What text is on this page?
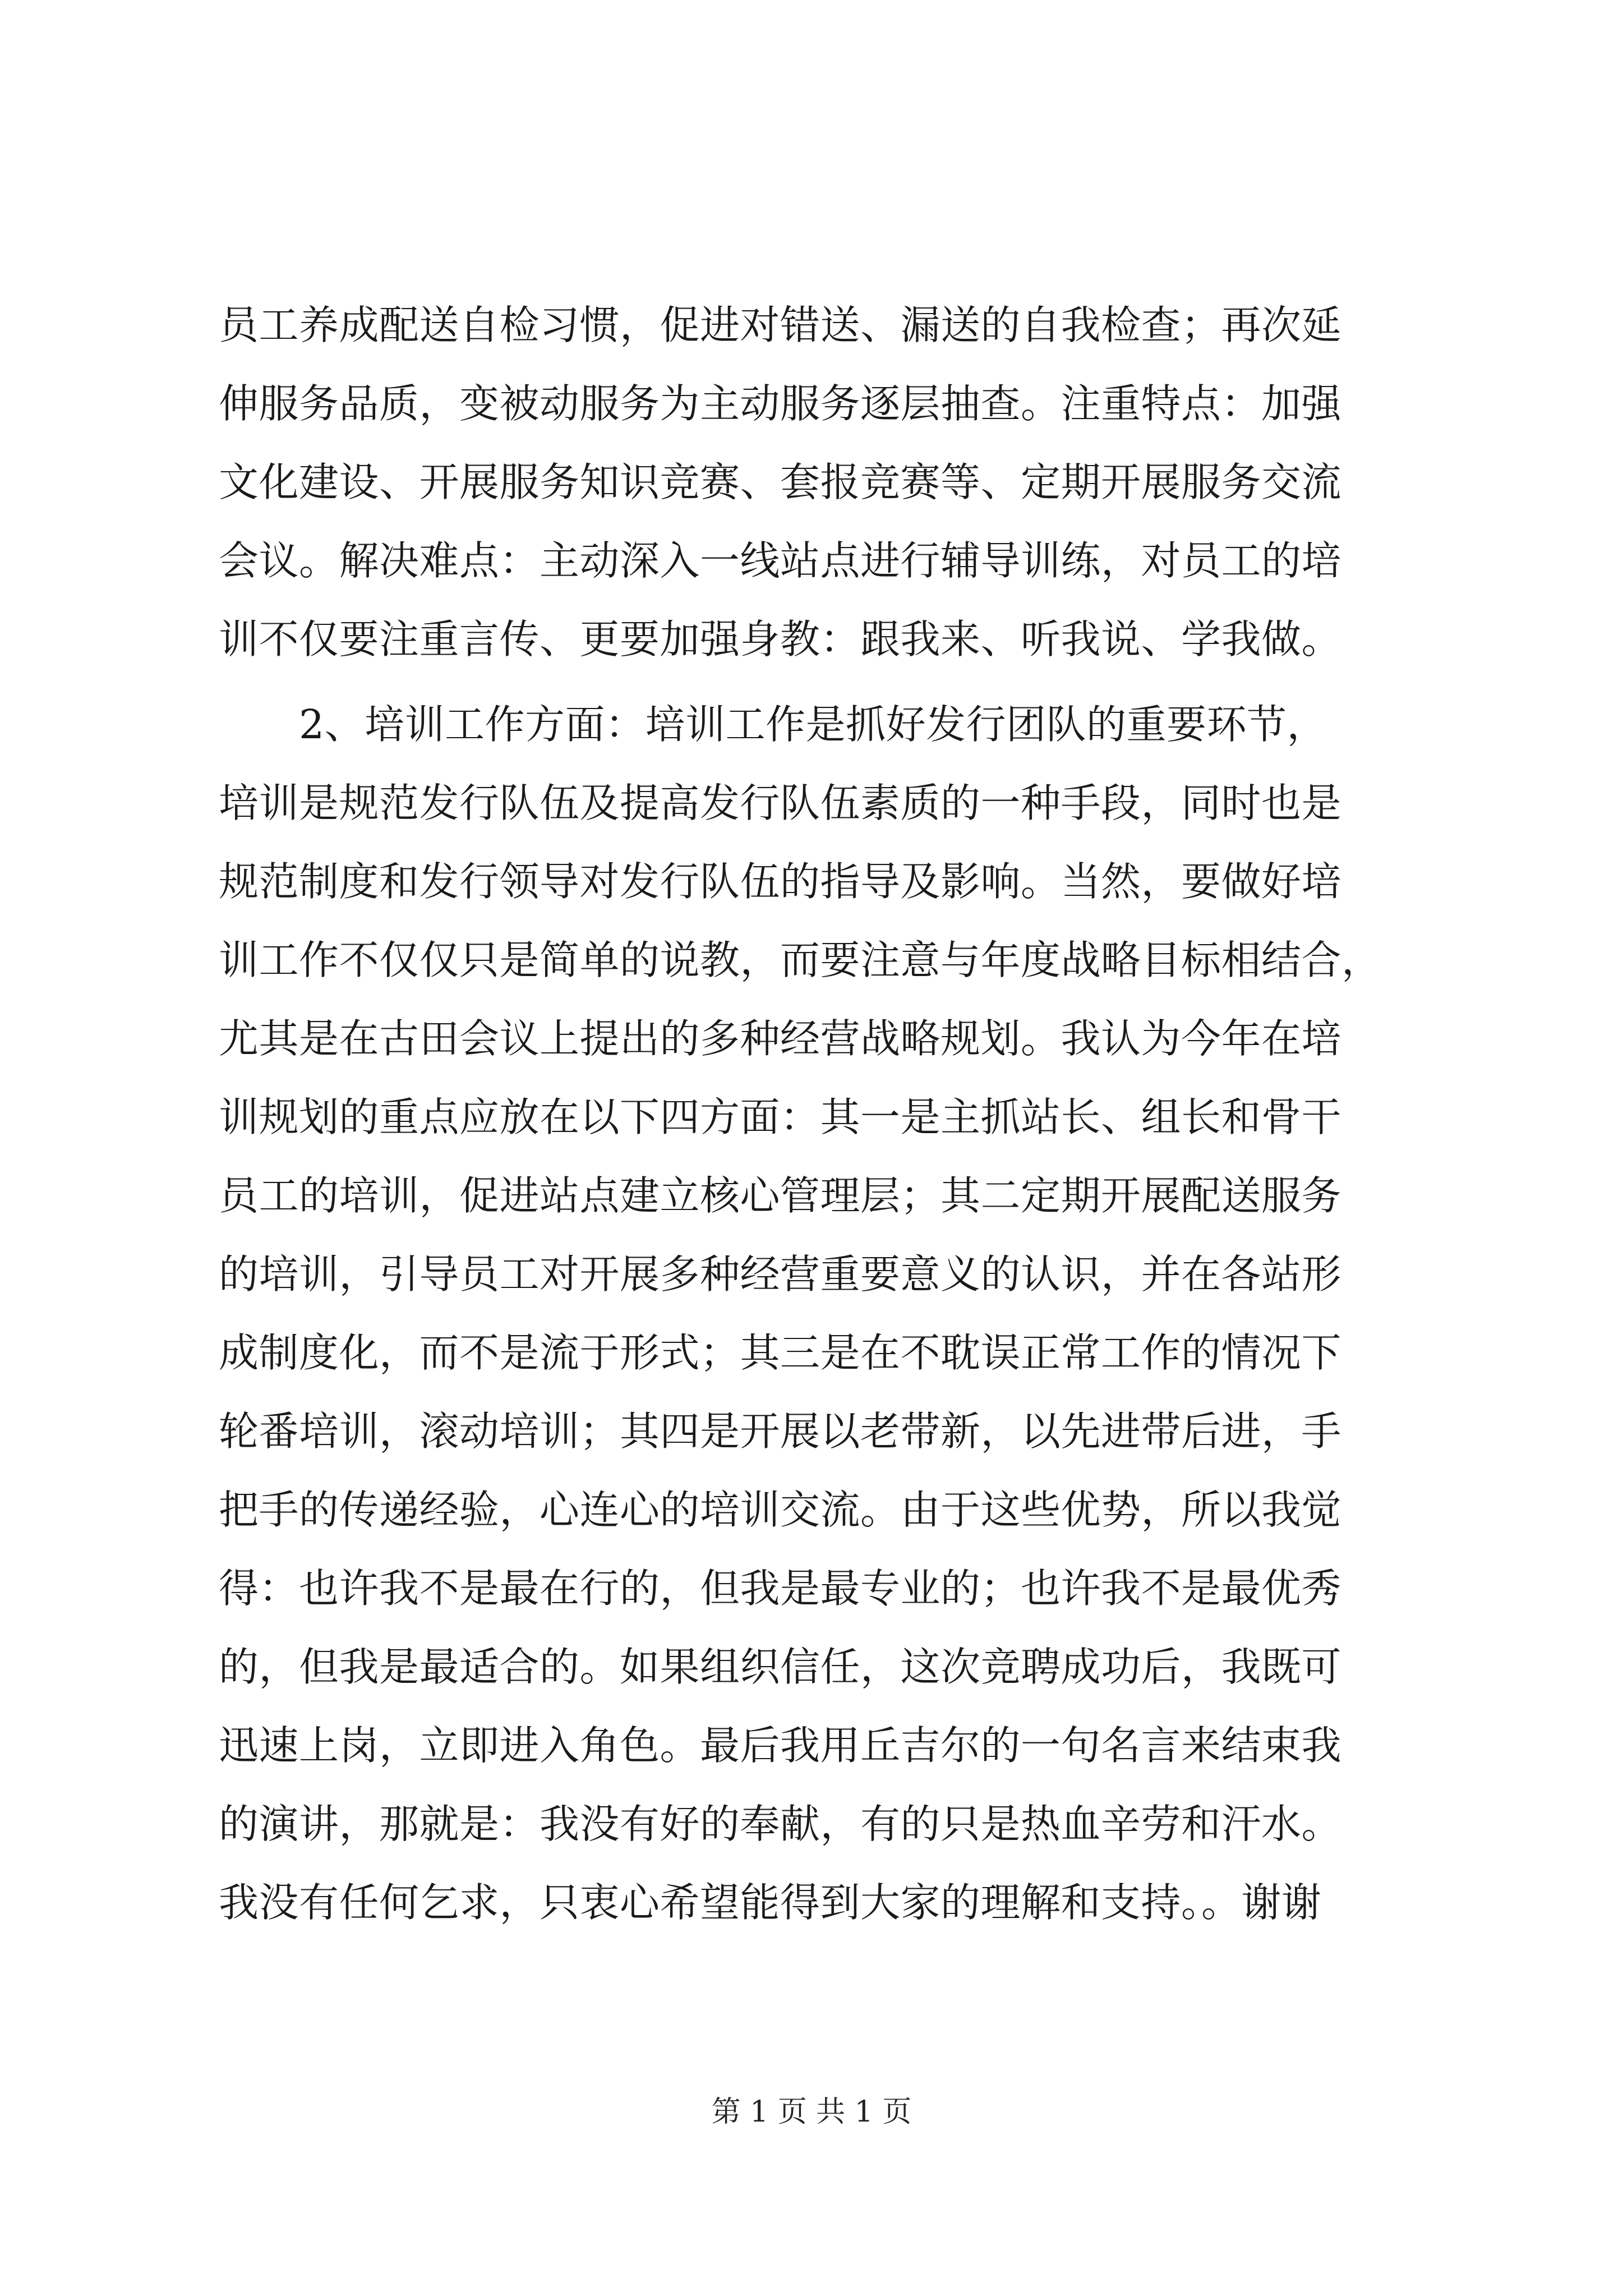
员工养成配送自检习惯，促进对错送、漏送的自我检查；再次延
伸服务品质，变被动服务为主动服务逐层抽查。注重特点：加强
文化建设、开展服务知识竞赛、套报竞赛等、定期开展服务交流
会议。解决难点：主动深入一线站点进行辅导训练，对员工的培
训不仅要注重言传、更要加强身教：跟我来、听我说、学我做。
　　2、培训工作方面：培训工作是抓好发行团队的重要环节，
培训是规范发行队伍及提高发行队伍素质的一种手段，同时也是
规范制度和发行领导对发行队伍的指导及影响。当然，要做好培
训工作不仅仅只是简单的说教，而要注意与年度战略目标相结合，
尤其是在古田会议上提出的多种经营战略规划。我认为今年在培
训规划的重点应放在以下四方面：其一是主抓站长、组长和骨干
员工的培训，促进站点建立核心管理层；其二定期开展配送服务
的培训，引导员工对开展多种经营重要意义的认识，并在各站形
成制度化，而不是流于形式；其三是在不耽误正常工作的情况下
轮番培训，滚动培训；其四是开展以老带新，以先进带后进，手
把手的传递经验，心连心的培训交流。由于这些优势，所以我觉
得：也许我不是最在行的，但我是最专业的；也许我不是最优秀
的，但我是最适合的。如果组织信任，这次竞聘成功后，我既可
迅速上岗，立即进入角色。最后我用丘吉尔的一句名言来结束我
的演讲，那就是：我没有好的奉献，有的只是热血辛劳和汗水。
我没有任何乞求，只衷心希望能得到大家的理解和支持。。谢谢
第 1 页 共 1 页
